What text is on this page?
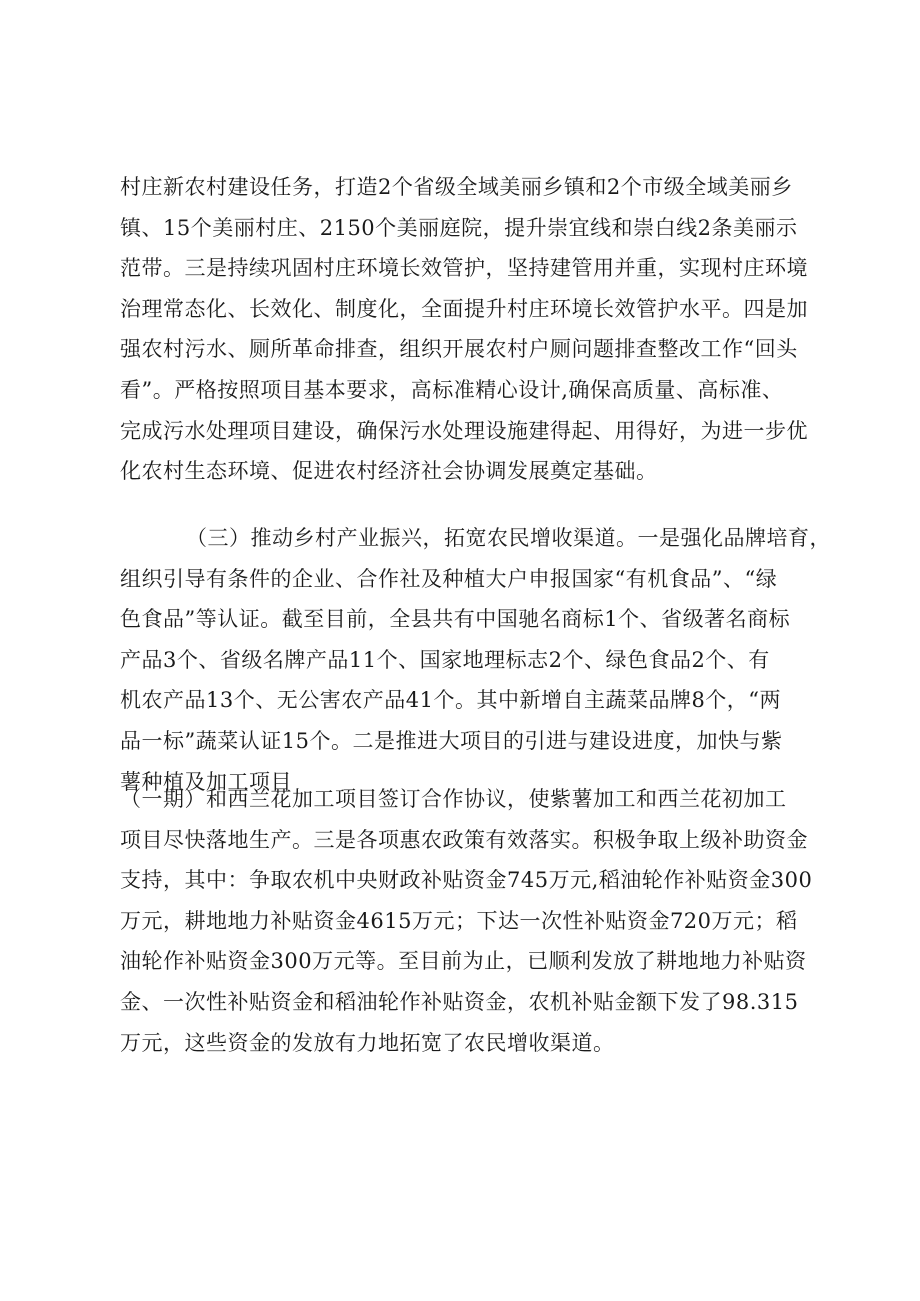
村庄新农村建设任务，打造2个省级全域美丽乡镇和2个市级全域美丽乡
镇、15个美丽村庄、2150个美丽庭院，提升崇宜线和崇白线2条美丽示
范带。三是持续巩固村庄环境长效管护，坚持建管用并重，实现村庄环境
治理常态化、长效化、制度化，全面提升村庄环境长效管护水平。四是加
强农村污水、厕所革命排查，组织开展农村户厕问题排查整改工作“回头
看”。严格按照项目基本要求，高标准精心设计,确保高质量、高标准、
完成污水处理项目建设，确保污水处理设施建得起、用得好，为进一步优
化农村生态环境、促进农村经济社会协调发展奠定基础。
（三）推动乡村产业振兴，拓宽农民增收渠道。一是强化品牌培育，
组织引导有条件的企业、合作社及种植大户申报国家“有机食品”、“绿
色食品”等认证。截至目前，全县共有中国驰名商标1个、省级著名商标
产品3个、省级名牌产品11个、国家地理标志2个、绿色食品2个、有
机农产品13个、无公害农产品41个。其中新增自主蔬菜品牌8个，“两
品一标”蔬菜认证15个。二是推进大项目的引进与建设进度，加快与紫
薯种植及加工项目
（一期）和西兰花加工项目签订合作协议，使紫薯加工和西兰花初加工
项目尽快落地生产。三是各项惠农政策有效落实。积极争取上级补助资金
支持，其中：争取农机中央财政补贴资金745万元,稻油轮作补贴资金300
万元，耕地地力补贴资金4615万元；下达一次性补贴资金720万元；稻
油轮作补贴资金300万元等。至目前为止，已顺利发放了耕地地力补贴资
金、一次性补贴资金和稻油轮作补贴资金，农机补贴金额下发了98.315
万元，这些资金的发放有力地拓宽了农民增收渠道。
